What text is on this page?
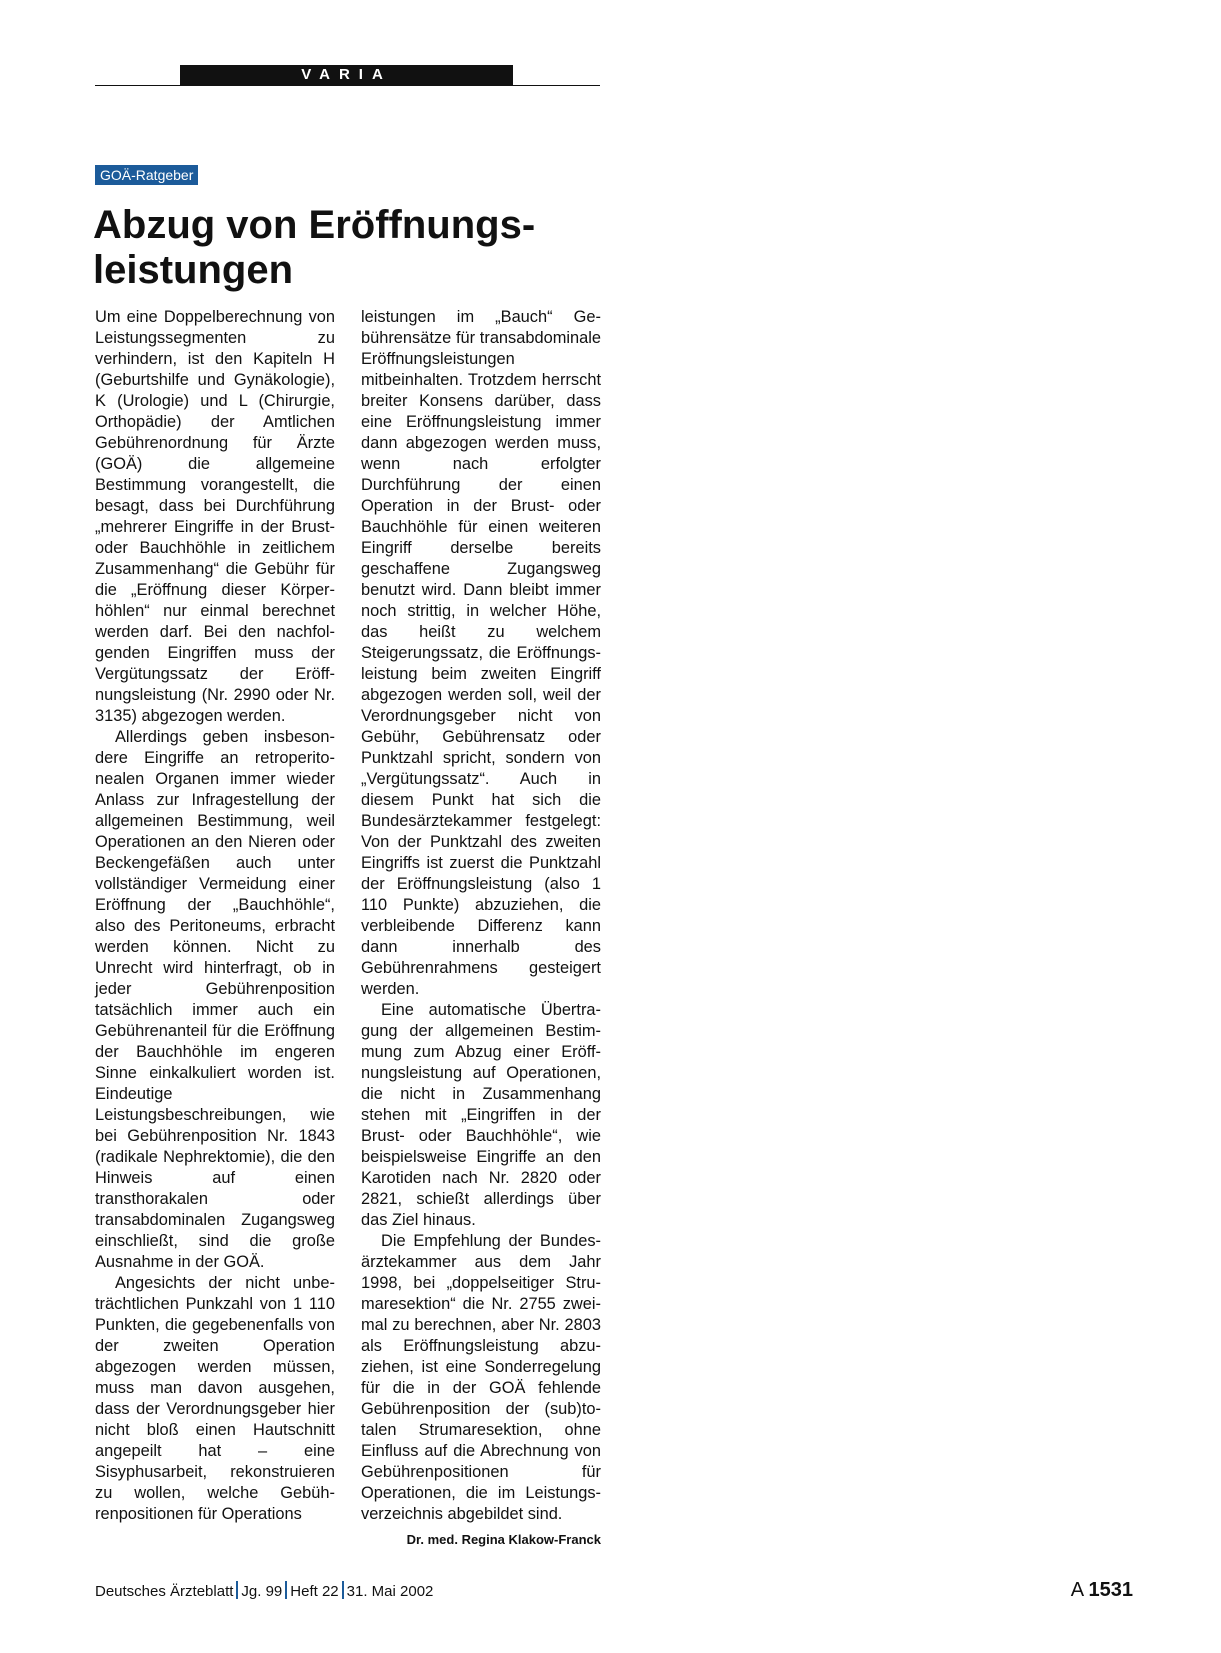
VARIA
GOÄ-Ratgeber
Abzug von Eröffnungsleistungen

Um eine Doppelberechnung von Leistungssegmenten zu verhindern, ist den Kapiteln H (Geburtshilfe und Gynäkologie), K (Urologie) und L (Chirurgie, Orthopädie) der Amtlichen Gebührenordnung für Ärzte (GOÄ) die allgemeine Bestimmung vorangestellt, die besagt, dass bei Durchführung „mehrerer Eingriffe in der Brust- oder Bauchhöhle in zeitlichem Zusammenhang“ die Gebühr für die „Eröffnung dieser Körperhöhlen“ nur einmal berechnet werden darf. Bei den nachfolgenden Eingriffen muss der Vergütungssatz der Eröffnungsleistung (Nr. 2990 oder Nr. 3135) abgezogen werden.

Allerdings geben insbesondere Eingriffe an retroperitonealen Organen immer wieder Anlass zur Infragestellung der allgemeinen Bestimmung, weil Operationen an den Nieren oder Beckengefäßen auch unter vollständiger Vermeidung einer Eröffnung der „Bauchhöhle“, also des Peritoneums, erbracht werden können. Nicht zu Unrecht wird hinterfragt, ob in jeder Gebührenposition tatsächlich immer auch ein Gebührenanteil für die Eröffnung der Bauchhöhle im engeren Sinne einkalkuliert worden ist. Eindeutige Leistungsbeschreibungen, wie bei Gebührenposition Nr. 1843 (radikale Nephrektomie), die den Hinweis auf einen transthorakalen oder transabdominalen Zugangsweg einschließt, sind die große Ausnahme in der GOÄ.

Angesichts der nicht unbeträchtlichen Punkzahl von 1 110 Punkten, die gegebenenfalls von der zweiten Operation abgezogen werden müssen, muss man davon ausgehen, dass der Verordnungsgeber hier nicht bloß einen Hautschnitt angepeilt hat – eine Sisyphusarbeit, rekonstruieren zu wollen, welche Gebührenpositionen für Operations

leistungen im „Bauch“ Gebührensätze für transabdominale Eröffnungsleistungen mitbeinhalten. Trotzdem herrscht breiter Konsens darüber, dass eine Eröffnungsleistung immer dann abgezogen werden muss, wenn nach erfolgter Durchführung der einen Operation in der Brust- oder Bauchhöhle für einen weiteren Eingriff derselbe bereits geschaffene Zugangsweg benutzt wird. Dann bleibt immer noch strittig, in welcher Höhe, das heißt zu welchem Steigerungssatz, die Eröffnungsleistung beim zweiten Eingriff abgezogen werden soll, weil der Verordnungsgeber nicht von Gebühr, Gebührensatz oder Punktzahl spricht, sondern von „Vergütungssatz“. Auch in diesem Punkt hat sich die Bundesärztekammer festgelegt: Von der Punktzahl des zweiten Eingriffs ist zuerst die Punktzahl der Eröffnungsleistung (also 1 110 Punkte) abzuziehen, die verbleibende Differenz kann dann innerhalb des Gebührenrahmens gesteigert werden.

Eine automatische Übertragung der allgemeinen Bestimmung zum Abzug einer Eröffnungsleistung auf Operationen, die nicht in Zusammenhang stehen mit „Eingriffen in der Brust- oder Bauchhöhle“, wie beispielsweise Eingriffe an den Karotiden nach Nr. 2820 oder 2821, schießt allerdings über das Ziel hinaus.

Die Empfehlung der Bundesärztekammer aus dem Jahr 1998, bei „doppelseitiger Strumaresektion“ die Nr. 2755 zweimal zu berechnen, aber Nr. 2803 als Eröffnungsleistung abzuziehen, ist eine Sonderregelung für die in der GOÄ fehlende Gebührenposition der (sub)totalen Strumaresektion, ohne Einfluss auf die Abrechnung von Gebührenpositionen für Operationen, die im Leistungsverzeichnis abgebildet sind.

Dr. med. Regina Klakow-Franck
Deutsches Ärzteblatt Jg. 99 Heft 22 31. Mai 2002	A 1531
